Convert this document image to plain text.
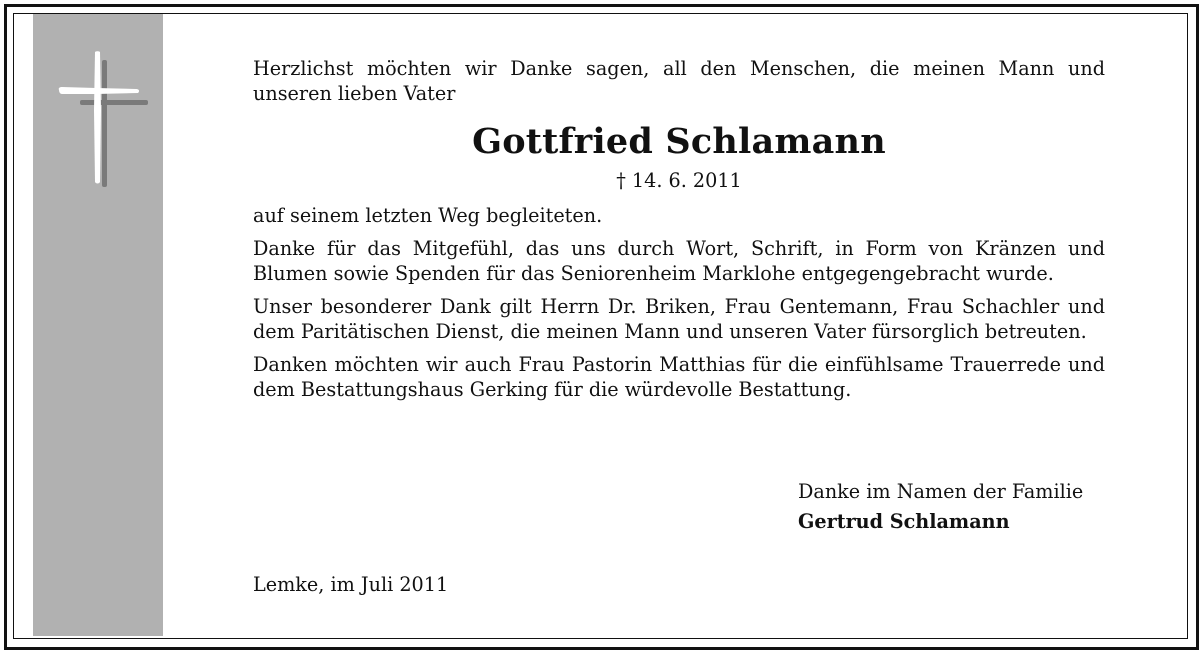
Herzlichst möchten wir Danke sagen, all den Menschen, die meinen Mann und unseren lieben Vater

Gottfried Schlamann
† 14. 6. 2011

auf seinem letzten Weg begleiteten.

Danke für das Mitgefühl, das uns durch Wort, Schrift, in Form von Kränzen und Blumen sowie Spenden für das Seniorenheim Marklohe entgegengebracht wurde.

Unser besonderer Dank gilt Herrn Dr. Briken, Frau Gentemann, Frau Schachler und dem Paritätischen Dienst, die meinen Mann und unseren Vater fürsorglich betreuten.

Danken möchten wir auch Frau Pastorin Matthias für die einfühlsame Trauerrede und dem Bestattungshaus Gerking für die würdevolle Bestattung.

Danke im Namen der Familie
Gertrud Schlamann
Lemke, im Juli 2011
